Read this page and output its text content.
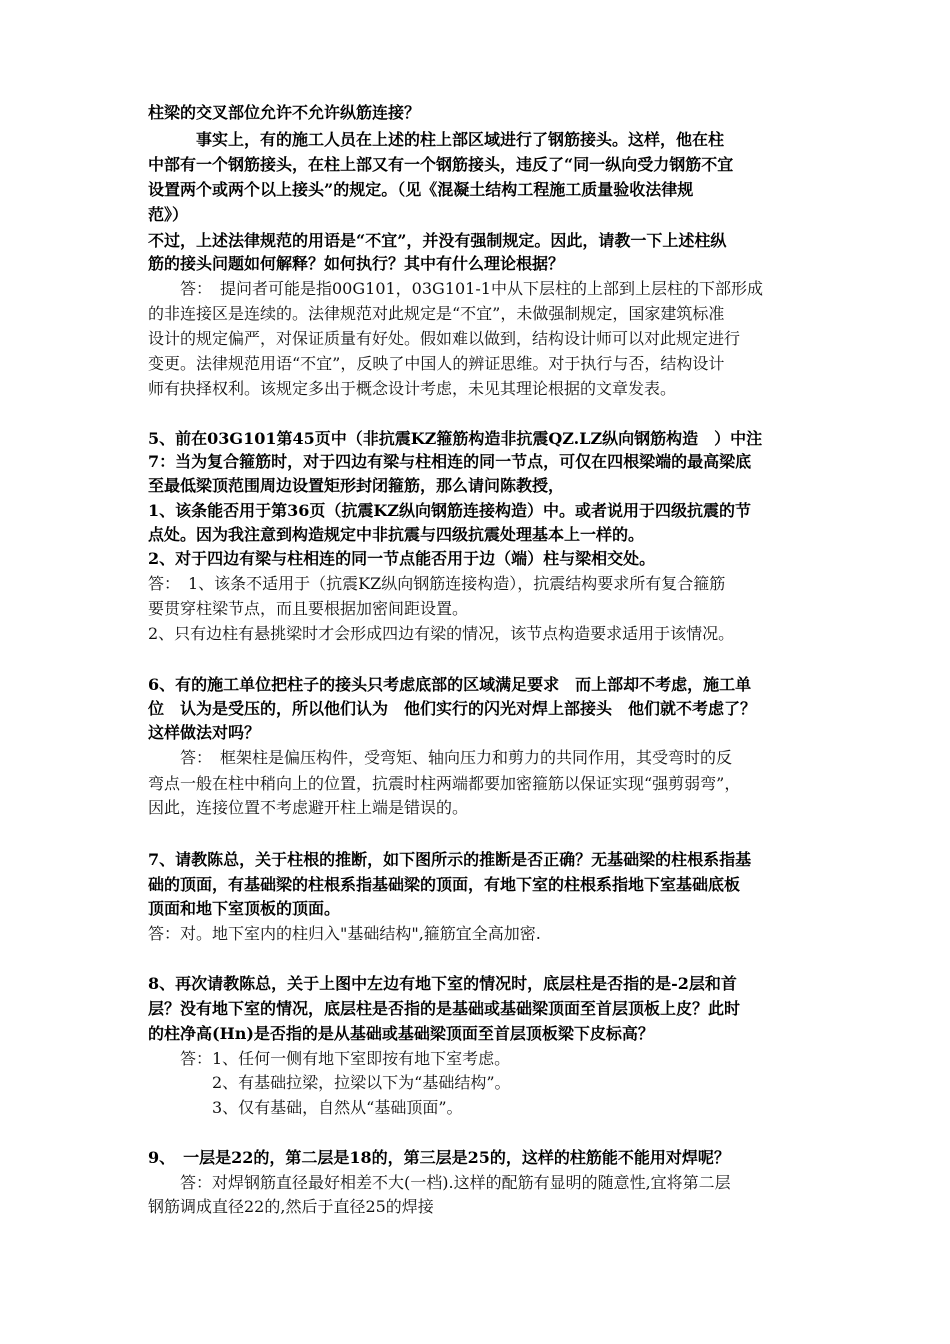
柱梁的交叉部位允许不允许纵筋连接？
　　　事实上，有的施工人员在上述的柱上部区域进行了钢筋接头。这样，他在柱
中部有一个钢筋接头，在柱上部又有一个钢筋接头，违反了“同一纵向受力钢筋不宜
设置两个或两个以上接头”的规定。（见《混凝土结构工程施工质量验收法律规
范》）
不过，上述法律规范的用语是“不宜”，并没有强制规定。因此，请教一下上述柱纵
筋的接头问题如何解释？如何执行？其中有什么理论根据？
　　答：　提问者可能是指00G101，03G101-1中从下层柱的上部到上层柱的下部形成
的非连接区是连续的。法律规范对此规定是“不宜”，未做强制规定，国家建筑标准
设计的规定偏严，对保证质量有好处。假如难以做到，结构设计师可以对此规定进行
变更。法律规范用语“不宜”，反映了中国人的辨证思维。对于执行与否，结构设计
师有抉择权利。该规定多出于概念设计考虑，未见其理论根据的文章发表。
5、前在03G101第45页中（非抗震KZ箍筋构造非抗震QZ.LZ纵向钢筋构造　）中注
7：当为复合箍筋时，对于四边有梁与柱相连的同一节点，可仅在四根梁端的最高梁底
至最低梁顶范围周边设置矩形封闭箍筋，那么请问陈教授，
1、该条能否用于第36页（抗震KZ纵向钢筋连接构造）中。或者说用于四级抗震的节
点处。因为我注意到构造规定中非抗震与四级抗震处理基本上一样的。
2、对于四边有梁与柱相连的同一节点能否用于边（端）柱与梁相交处。
答：　1、该条不适用于（抗震KZ纵向钢筋连接构造），抗震结构要求所有复合箍筋
要贯穿柱梁节点，而且要根据加密间距设置。
2、只有边柱有悬挑梁时才会形成四边有梁的情况，该节点构造要求适用于该情况。
6、有的施工单位把柱子的接头只考虑底部的区域满足要求　而上部却不考虑，施工单
位　认为是受压的，所以他们认为　他们实行的闪光对焊上部接头　他们就不考虑了？
这样做法对吗？
　　答：　框架柱是偏压构件，受弯矩、轴向压力和剪力的共同作用，其受弯时的反
弯点一般在柱中稍向上的位置，抗震时柱两端都要加密箍筋以保证实现“强剪弱弯”，
因此，连接位置不考虑避开柱上端是错误的。
7、请教陈总，关于柱根的推断，如下图所示的推断是否正确？无基础梁的柱根系指基
础的顶面，有基础梁的柱根系指基础梁的顶面，有地下室的柱根系指地下室基础底板
顶面和地下室顶板的顶面。
答：对。地下室内的柱归入"基础结构",箍筋宜全高加密.
8、再次请教陈总，关于上图中左边有地下室的情况时，底层柱是否指的是-2层和首
层？没有地下室的情况，底层柱是否指的是基础或基础梁顶面至首层顶板上皮？此时
的柱净高(Hn)是否指的是从基础或基础梁顶面至首层顶板梁下皮标高？
　　答：1、任何一侧有地下室即按有地下室考虑。
　　　　2、有基础拉梁，拉梁以下为“基础结构”。
　　　　3、仅有基础，自然从“基础顶面”。
9、　一层是22的，第二层是18的，第三层是25的，这样的柱筋能不能用对焊呢？
　　答：对焊钢筋直径最好相差不大(一档).这样的配筋有显明的随意性,宜将第二层
钢筋调成直径22的,然后于直径25的焊接
